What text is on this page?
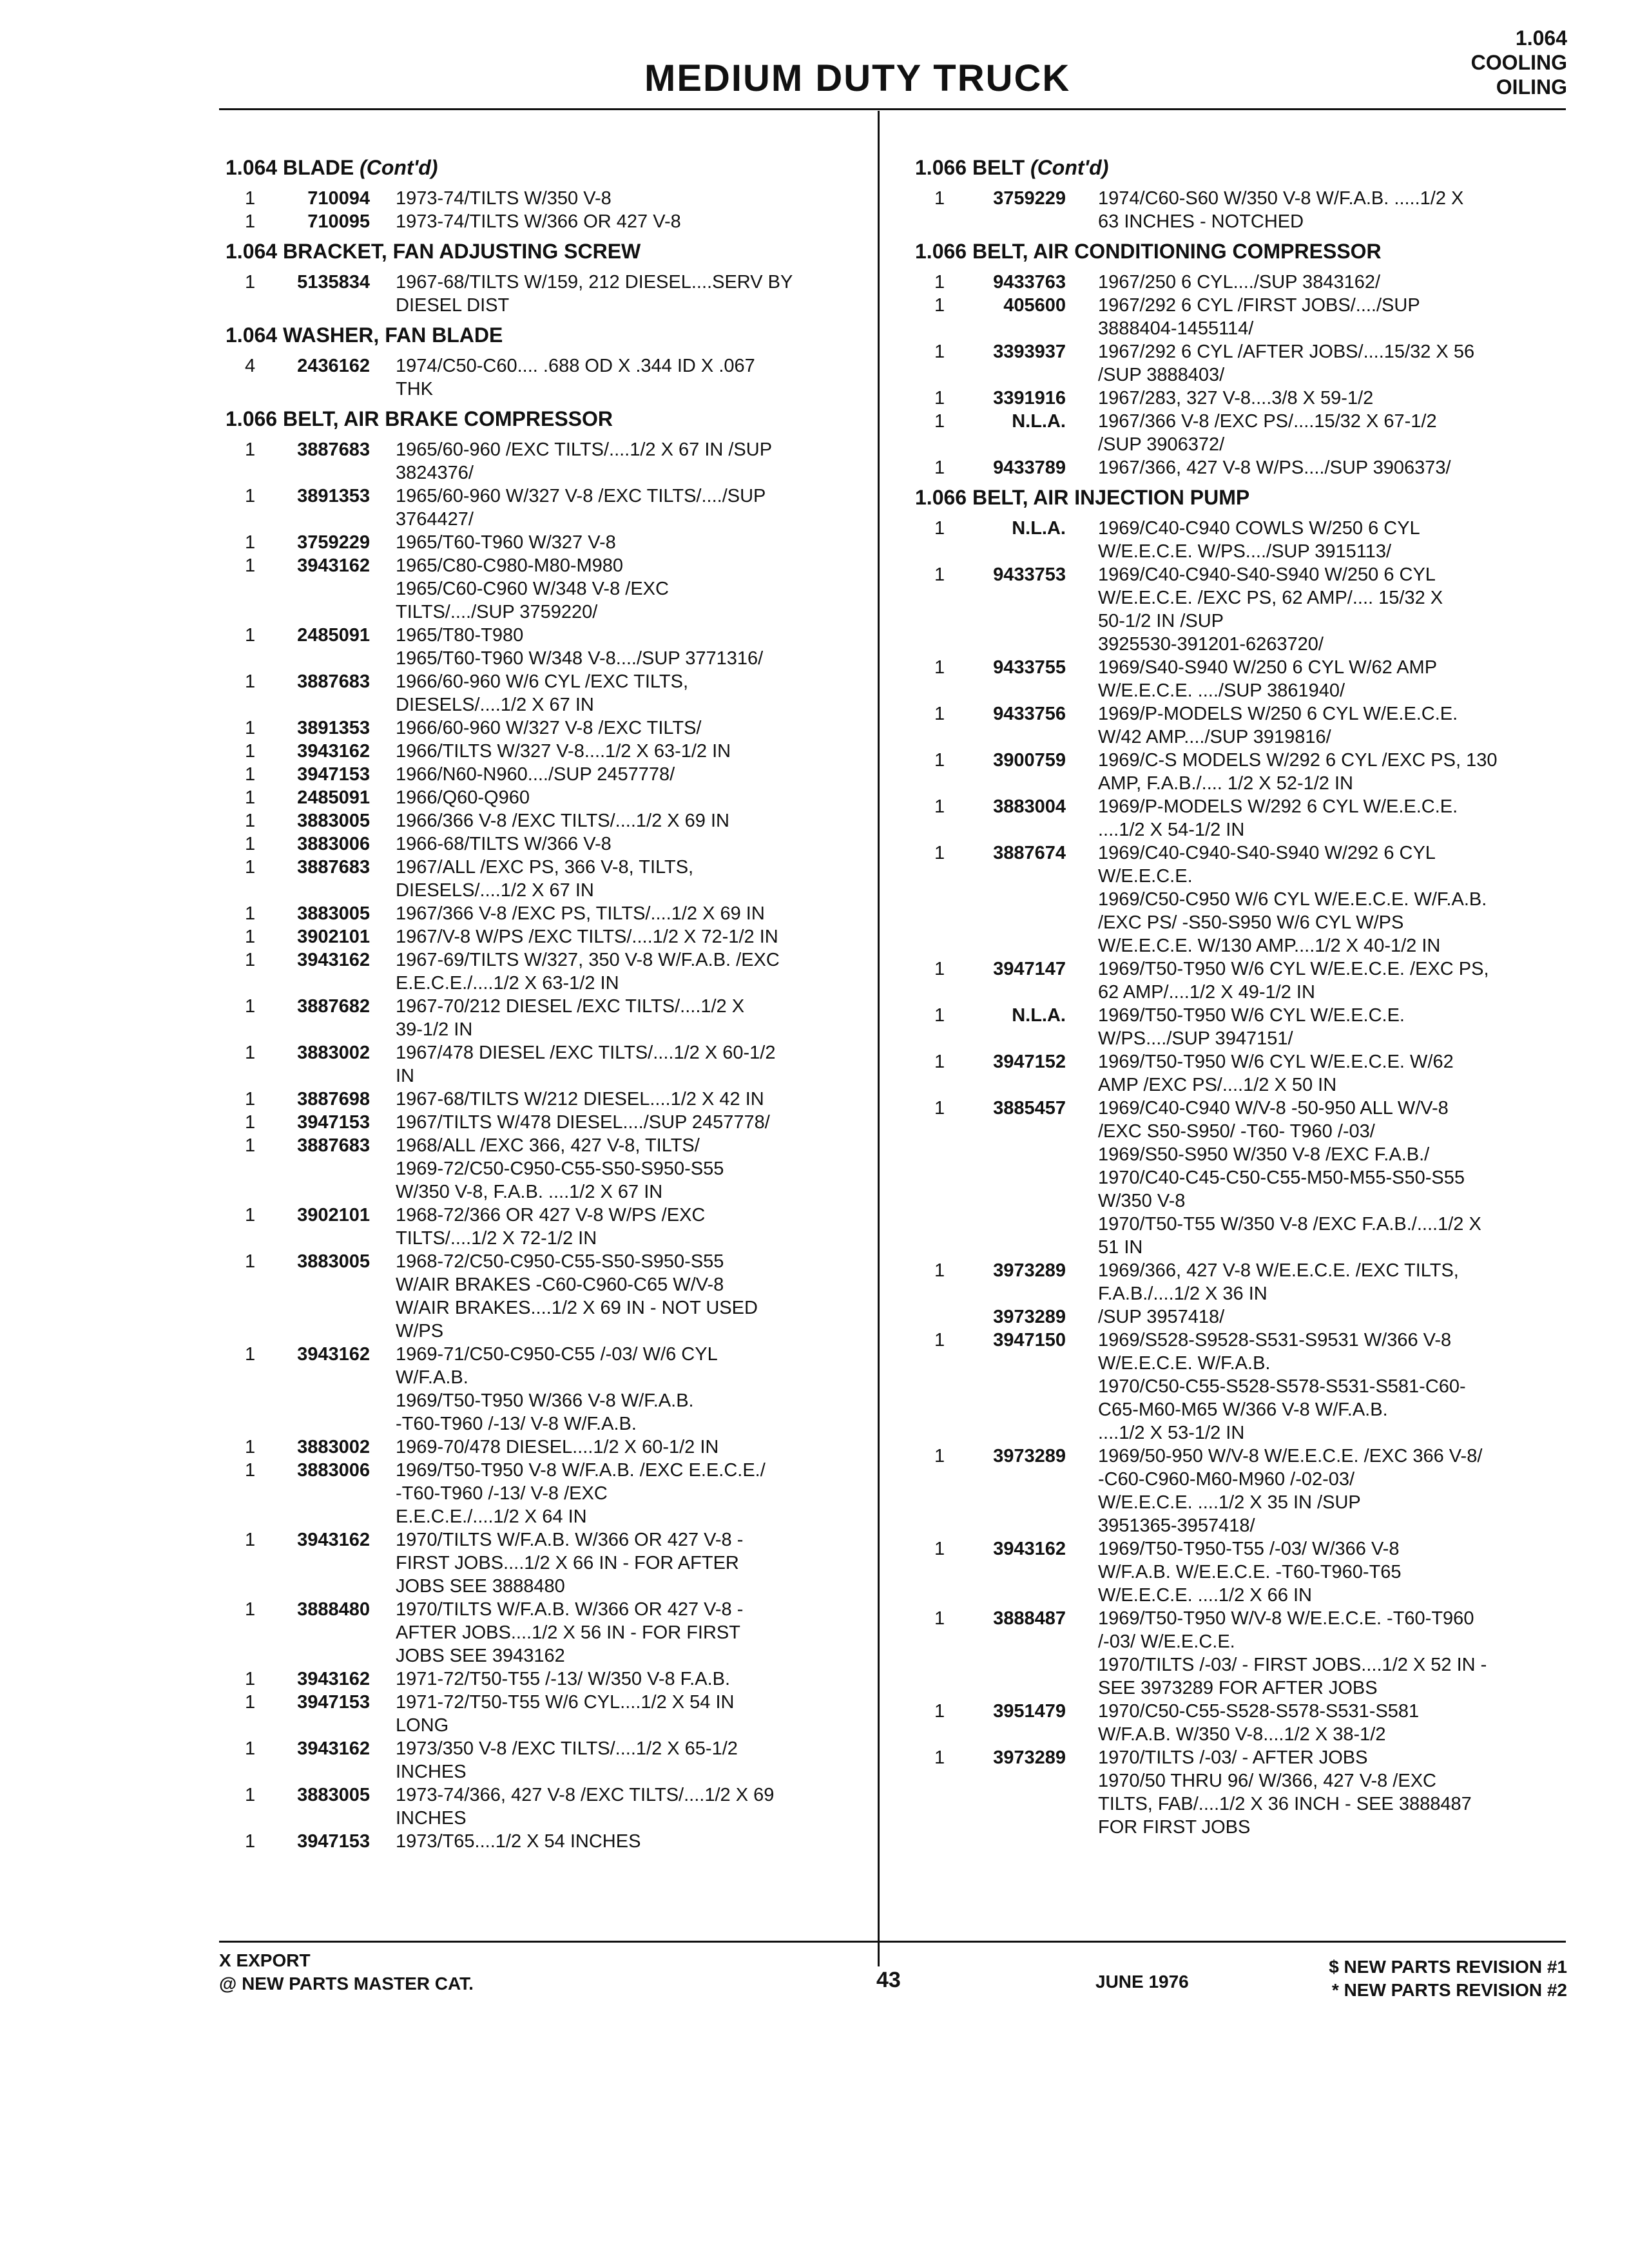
MEDIUM DUTY TRUCK
1.064
COOLING
OILING
1.064 BLADE (Cont'd)
1	710094	1973-74/TILTS W/350 V-8
1	710095	1973-74/TILTS W/366 OR 427 V-8
1.064 BRACKET, FAN ADJUSTING SCREW
1	5135834	1967-68/TILTS W/159, 212 DIESEL....SERV BY
DIESEL DIST
1.064 WASHER, FAN BLADE
4	2436162	1974/C50-C60.... .688 OD X .344 ID X .067
THK
1.066 BELT, AIR BRAKE COMPRESSOR
1	3887683	1965/60-960 /EXC TILTS/....1/2 X 67 IN /SUP
3824376/
1	3891353	1965/60-960 W/327 V-8 /EXC TILTS/..../SUP
3764427/
1	3759229	1965/T60-T960 W/327 V-8
1	3943162	1965/C80-C980-M80-M980
1965/C60-C960 W/348 V-8 /EXC
TILTS/..../SUP 3759220/
1	2485091	1965/T80-T980
1965/T60-T960 W/348 V-8..../SUP 3771316/
1	3887683	1966/60-960 W/6 CYL /EXC TILTS,
DIESELS/....1/2 X 67 IN
1	3891353	1966/60-960 W/327 V-8 /EXC TILTS/
1	3943162	1966/TILTS W/327 V-8....1/2 X 63-1/2 IN
1	3947153	1966/N60-N960..../SUP 2457778/
1	2485091	1966/Q60-Q960
1	3883005	1966/366 V-8 /EXC TILTS/....1/2 X 69 IN
1	3883006	1966-68/TILTS W/366 V-8
1	3887683	1967/ALL /EXC PS, 366 V-8, TILTS,
DIESELS/....1/2 X 67 IN
1	3883005	1967/366 V-8 /EXC PS, TILTS/....1/2 X 69 IN
1	3902101	1967/V-8 W/PS /EXC TILTS/....1/2 X 72-1/2 IN
1	3943162	1967-69/TILTS W/327, 350 V-8 W/F.A.B. /EXC
E.E.C.E./....1/2 X 63-1/2 IN
1	3887682	1967-70/212 DIESEL /EXC TILTS/....1/2 X
39-1/2 IN
1	3883002	1967/478 DIESEL /EXC TILTS/....1/2 X 60-1/2
IN
1	3887698	1967-68/TILTS W/212 DIESEL....1/2 X 42 IN
1	3947153	1967/TILTS W/478 DIESEL..../SUP 2457778/
1	3887683	1968/ALL /EXC 366, 427 V-8, TILTS/
1969-72/C50-C950-C55-S50-S950-S55
W/350 V-8, F.A.B. ....1/2 X 67 IN
1	3902101	1968-72/366 OR 427 V-8 W/PS /EXC
TILTS/....1/2 X 72-1/2 IN
1	3883005	1968-72/C50-C950-C55-S50-S950-S55
W/AIR BRAKES -C60-C960-C65 W/V-8
W/AIR BRAKES....1/2 X 69 IN - NOT USED
W/PS
1	3943162	1969-71/C50-C950-C55 /-03/ W/6 CYL
W/F.A.B.
1969/T50-T950 W/366 V-8 W/F.A.B.
-T60-T960 /-13/ V-8 W/F.A.B.
1	3883002	1969-70/478 DIESEL....1/2 X 60-1/2 IN
1	3883006	1969/T50-T950 V-8 W/F.A.B. /EXC E.E.C.E./
-T60-T960 /-13/ V-8 /EXC
E.E.C.E./....1/2 X 64 IN
1	3943162	1970/TILTS W/F.A.B. W/366 OR 427 V-8 -
FIRST JOBS....1/2 X 66 IN - FOR AFTER
JOBS SEE 3888480
1	3888480	1970/TILTS W/F.A.B. W/366 OR 427 V-8 -
AFTER JOBS....1/2 X 56 IN - FOR FIRST
JOBS SEE 3943162
1	3943162	1971-72/T50-T55 /-13/ W/350 V-8 F.A.B.
1	3947153	1971-72/T50-T55 W/6 CYL....1/2 X 54 IN
LONG
1	3943162	1973/350 V-8 /EXC TILTS/....1/2 X 65-1/2
INCHES
1	3883005	1973-74/366, 427 V-8 /EXC TILTS/....1/2 X 69
INCHES
1	3947153	1973/T65....1/2 X 54 INCHES
1.066 BELT (Cont'd)
1	3759229	1974/C60-S60 W/350 V-8 W/F.A.B. .....1/2 X
63 INCHES - NOTCHED
1.066 BELT, AIR CONDITIONING COMPRESSOR
1	9433763	1967/250 6 CYL..../SUP 3843162/
1	405600	1967/292 6 CYL /FIRST JOBS/..../SUP
3888404-1455114/
1	3393937	1967/292 6 CYL /AFTER JOBS/....15/32 X 56
/SUP 3888403/
1	3391916	1967/283, 327 V-8....3/8 X 59-1/2
1	N.L.A.	1967/366 V-8 /EXC PS/....15/32 X 67-1/2
/SUP 3906372/
1	9433789	1967/366, 427 V-8 W/PS..../SUP 3906373/
1.066 BELT, AIR INJECTION PUMP
1	N.L.A.	1969/C40-C940 COWLS W/250 6 CYL
W/E.E.C.E. W/PS..../SUP 3915113/
1	9433753	1969/C40-C940-S40-S940 W/250 6 CYL
W/E.E.C.E. /EXC PS, 62 AMP/.... 15/32 X
50-1/2 IN /SUP
3925530-391201-6263720/
1	9433755	1969/S40-S940 W/250 6 CYL W/62 AMP
W/E.E.C.E. ..../SUP 3861940/
1	9433756	1969/P-MODELS W/250 6 CYL W/E.E.C.E.
W/42 AMP..../SUP 3919816/
1	3900759	1969/C-S MODELS W/292 6 CYL /EXC PS, 130
AMP, F.A.B./.... 1/2 X 52-1/2 IN
1	3883004	1969/P-MODELS W/292 6 CYL W/E.E.C.E.
....1/2 X 54-1/2 IN
1	3887674	1969/C40-C940-S40-S940 W/292 6 CYL
W/E.E.C.E.
1969/C50-C950 W/6 CYL W/E.E.C.E. W/F.A.B.
/EXC PS/ -S50-S950 W/6 CYL W/PS
W/E.E.C.E. W/130 AMP....1/2 X 40-1/2 IN
1	3947147	1969/T50-T950 W/6 CYL W/E.E.C.E. /EXC PS,
62 AMP/....1/2 X 49-1/2 IN
1	N.L.A.	1969/T50-T950 W/6 CYL W/E.E.C.E.
W/PS..../SUP 3947151/
1	3947152	1969/T50-T950 W/6 CYL W/E.E.C.E. W/62
AMP /EXC PS/....1/2 X 50 IN
1	3885457	1969/C40-C940 W/V-8 -50-950 ALL W/V-8
/EXC S50-S950/ -T60- T960 /-03/
1969/S50-S950 W/350 V-8 /EXC F.A.B./
1970/C40-C45-C50-C55-M50-M55-S50-S55
W/350 V-8
1970/T50-T55 W/350 V-8 /EXC F.A.B./....1/2 X
51 IN
1	3973289	1969/366, 427 V-8 W/E.E.C.E. /EXC TILTS,
F.A.B./....1/2 X 36 IN
3973289	/SUP 3957418/
1	3947150	1969/S528-S9528-S531-S9531 W/366 V-8
W/E.E.C.E. W/F.A.B.
1970/C50-C55-S528-S578-S531-S581-C60-
C65-M60-M65 W/366 V-8 W/F.A.B.
....1/2 X 53-1/2 IN
1	3973289	1969/50-950 W/V-8 W/E.E.C.E. /EXC 366 V-8/
-C60-C960-M60-M960 /-02-03/
W/E.E.C.E. ....1/2 X 35 IN /SUP
3951365-3957418/
1	3943162	1969/T50-T950-T55 /-03/ W/366 V-8
W/F.A.B. W/E.E.C.E. -T60-T960-T65
W/E.E.C.E. ....1/2 X 66 IN
1	3888487	1969/T50-T950 W/V-8 W/E.E.C.E. -T60-T960
/-03/ W/E.E.C.E.
1970/TILTS /-03/ - FIRST JOBS....1/2 X 52 IN -
SEE 3973289 FOR AFTER JOBS
1	3951479	1970/C50-C55-S528-S578-S531-S581
W/F.A.B. W/350 V-8....1/2 X 38-1/2
1	3973289	1970/TILTS /-03/ - AFTER JOBS
1970/50 THRU 96/ W/366, 427 V-8 /EXC
TILTS, FAB/....1/2 X 36 INCH - SEE 3888487
FOR FIRST JOBS
X EXPORT
@ NEW PARTS MASTER CAT.	43	JUNE 1976
$ NEW PARTS REVISION #1
* NEW PARTS REVISION #2
